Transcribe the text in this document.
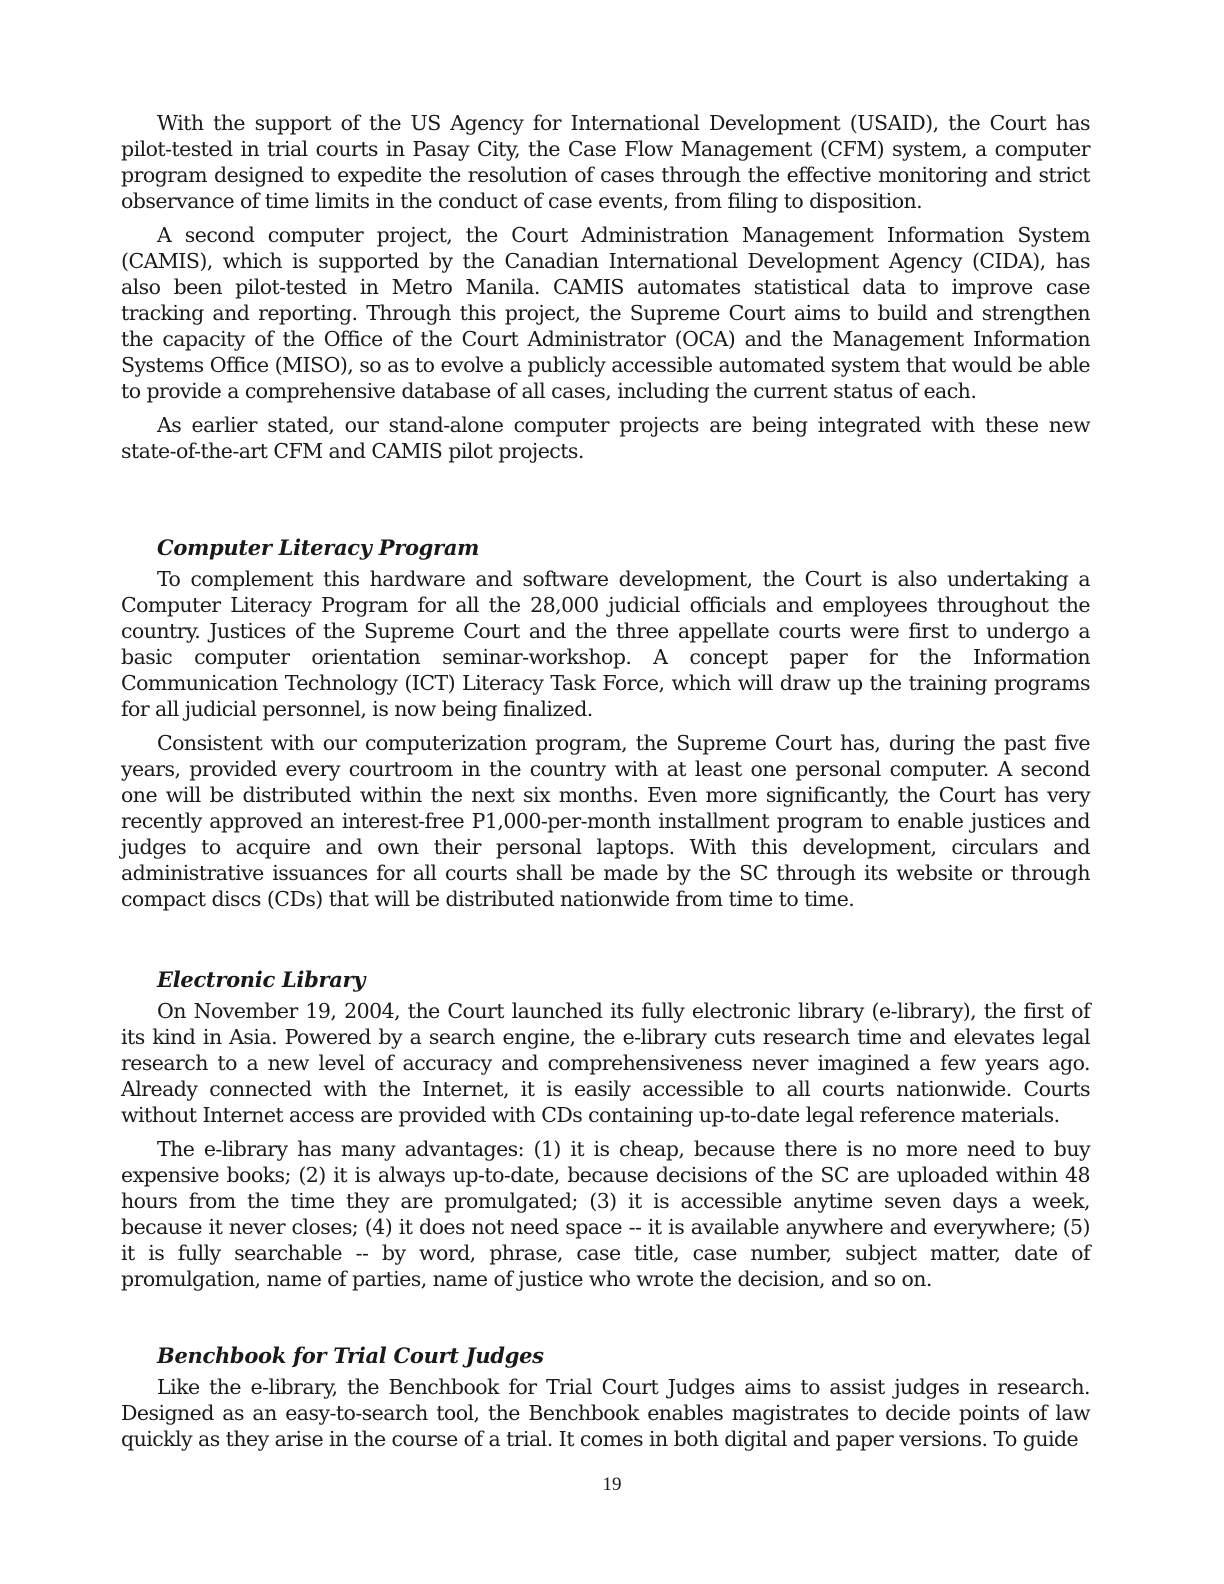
With the support of the US Agency for International Development (USAID), the Court has pilot-tested in trial courts in Pasay City, the Case Flow Management (CFM) system, a computer program designed to expedite the resolution of cases through the effective monitoring and strict observance of time limits in the conduct of case events, from filing to disposition.

A second computer project, the Court Administration Management Information System (CAMIS), which is supported by the Canadian International Development Agency (CIDA), has also been pilot-tested in Metro Manila. CAMIS automates statistical data to improve case tracking and reporting. Through this project, the Supreme Court aims to build and strengthen the capacity of the Office of the Court Administrator (OCA) and the Management Information Systems Office (MISO), so as to evolve a publicly accessible automated system that would be able to provide a comprehensive database of all cases, including the current status of each.

As earlier stated, our stand-alone computer projects are being integrated with these new state-of-the-art CFM and CAMIS pilot projects.

Computer Literacy Program

To complement this hardware and software development, the Court is also undertaking a Computer Literacy Program for all the 28,000 judicial officials and employees throughout the country. Justices of the Supreme Court and the three appellate courts were first to undergo a basic computer orientation seminar-workshop. A concept paper for the Information Communication Technology (ICT) Literacy Task Force, which will draw up the training programs for all judicial personnel, is now being finalized.

Consistent with our computerization program, the Supreme Court has, during the past five years, provided every courtroom in the country with at least one personal computer. A second one will be distributed within the next six months. Even more significantly, the Court has very recently approved an interest-free P1,000-per-month installment program to enable justices and judges to acquire and own their personal laptops. With this development, circulars and administrative issuances for all courts shall be made by the SC through its website or through compact discs (CDs) that will be distributed nationwide from time to time.

Electronic Library

On November 19, 2004, the Court launched its fully electronic library (e-library), the first of its kind in Asia. Powered by a search engine, the e-library cuts research time and elevates legal research to a new level of accuracy and comprehensiveness never imagined a few years ago. Already connected with the Internet, it is easily accessible to all courts nationwide. Courts without Internet access are provided with CDs containing up-to-date legal reference materials.

The e-library has many advantages: (1) it is cheap, because there is no more need to buy expensive books; (2) it is always up-to-date, because decisions of the SC are uploaded within 48 hours from the time they are promulgated; (3) it is accessible anytime seven days a week, because it never closes; (4) it does not need space -- it is available anywhere and everywhere; (5) it is fully searchable -- by word, phrase, case title, case number, subject matter, date of promulgation, name of parties, name of justice who wrote the decision, and so on.

Benchbook for Trial Court Judges

Like the e-library, the Benchbook for Trial Court Judges aims to assist judges in research. Designed as an easy-to-search tool, the Benchbook enables magistrates to decide points of law quickly as they arise in the course of a trial. It comes in both digital and paper versions. To guide

19
